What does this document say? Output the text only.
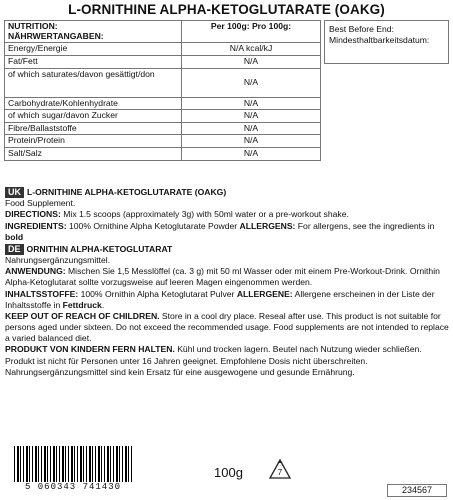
L-ORNITHINE ALPHA-KETOGLUTARATE (OAKG)
NUTRITION:
NÄHRWERTANGABEN:	Per 100g: Pro 100g:
Energy/Energie	N/A kcal/kJ
Fat/Fett	N/A
of which saturates/davon gesättigt/don	N/A
Carbohydrate/Kohlenhydrate	N/A
of which sugar/davon Zucker	N/A
Fibre/Ballaststoffe	N/A
Protein/Protein	N/A
Salt/Salz	N/A
Best Before End:
Mindesthaltbarkeitsdatum:
UK L-ORNITHINE ALPHA-KETOGLUTARATE (OAKG)

Food Supplement.

DIRECTIONS: Mix 1.5 scoops (approximately 3g) with 50ml water or a pre-workout shake.

INGREDIENTS: 100% Ornithine Alpha Ketoglutarate Powder ALLERGENS: For allergens, see the ingredients in bold

DE ORNITHIN ALPHA-KETOGLUTARAT

Nahrungsergänzungsmittel.

ANWENDUNG: Mischen Sie 1,5 Messlöffel (ca. 3 g) mit 50 ml Wasser oder mit einem Pre-Workout-Drink. Ornithin Alpha-Ketoglutarat sollte vorzugsweise auf leeren Magen eingenommen werden.

INHALTSSTOFFE: 100% Ornithin Alpha Ketoglutarat Pulver ALLERGENE: Allergene erscheinen in der Liste der Inhaltsstoffe in Fettdruck.

KEEP OUT OF REACH OF CHILDREN. Store in a cool dry place. Reseal after use. This product is not suitable for persons aged under sixteen. Do not exceed the recommended usage. Food supplements are not intended to replace a varied balanced diet.

PRODUKT VON KINDERN FERN HALTEN. Kühl und trocken lagern. Beutel nach Nutzung wieder schließen. Produkt ist nicht für Personen unter 16 Jahren geeignet. Empfohlene Dosis nicht überschreiten. Nahrungsergänzungsmittel sind kein Ersatz für eine ausgewogene und gesunde Ernährung.

5 060343 741430
100g	7
234567
